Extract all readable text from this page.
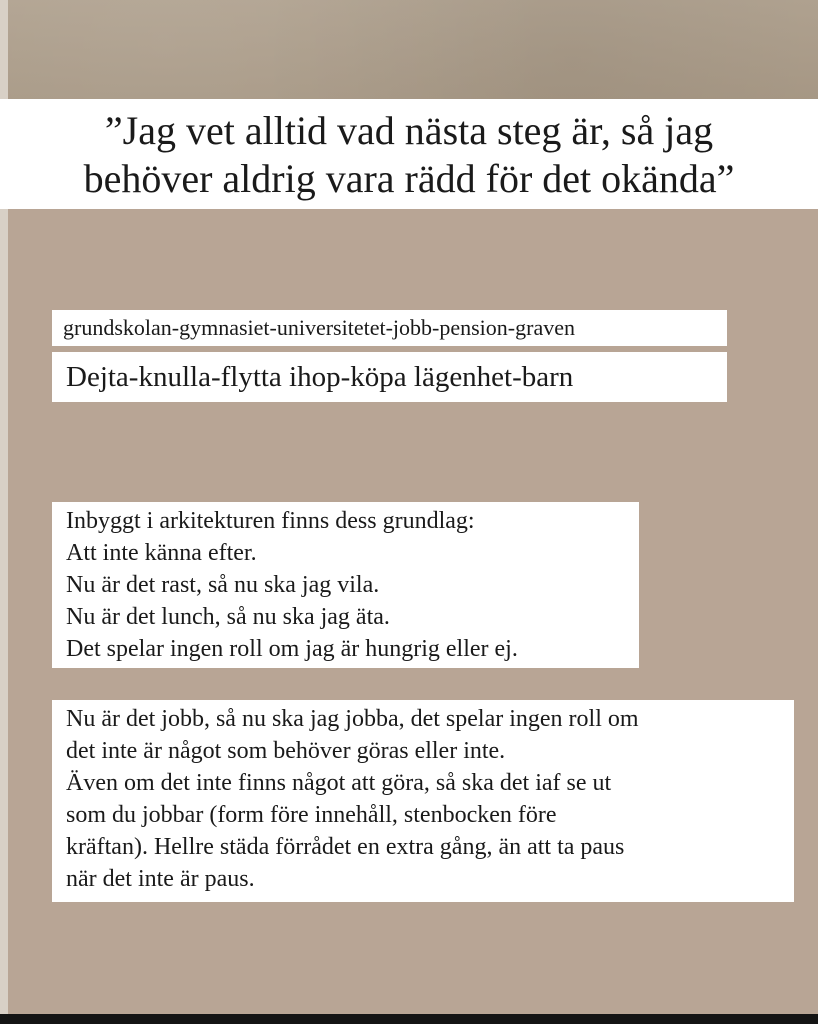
”Jag vet alltid vad nästa steg är, så jag
behöver aldrig vara rädd för det okända”
grundskolan-gymnasiet-universitetet-jobb-pension-graven
Dejta-knulla-flytta ihop-köpa lägenhet-barn
Inbyggt i arkitekturen finns dess grundlag:
Att inte känna efter.
Nu är det rast, så nu ska jag vila.
Nu är det lunch, så nu ska jag äta.
Det spelar ingen roll om jag är hungrig eller ej.
Nu är det jobb, så nu ska jag jobba, det spelar ingen roll om
det inte är något som behöver göras eller inte.
Även om det inte finns något att göra, så ska det iaf se ut
som du jobbar (form före innehåll, stenbocken före
kräftan). Hellre städa förrådet en extra gång, än att ta paus
när det inte är paus.
